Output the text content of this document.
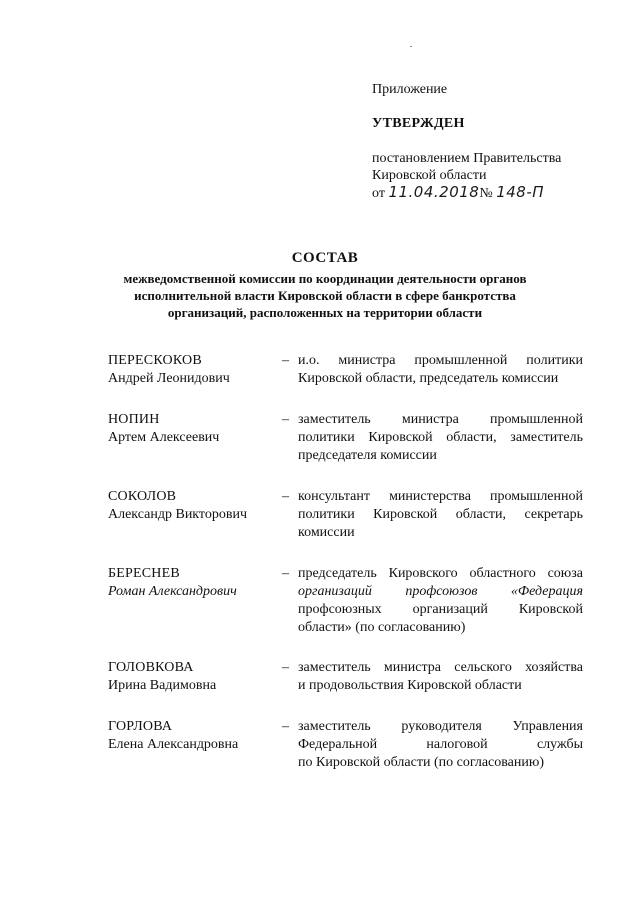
Приложение
УТВЕРЖДЕН
постановлением Правительства
Кировской области
от 11.04.2018№ 148-П
СОСТАВ
межведомственной комиссии по координации деятельности органов
исполнительной власти Кировской области в сфере банкротства
организаций, расположенных на территории области
ПЕРЕСКОКОВ
Андрей Леонидович
– и.о. министра промышленной политики
Кировской области, председатель комиссии
НОПИН
Артем Алексеевич
– заместитель министра промышленной
политики Кировской области, заместитель
председателя комиссии
СОКОЛОВ
Александр Викторович
– консультант министерства промышленной
политики Кировской области, секретарь
комиссии
БЕРЕСНЕВ
Роман Александрович
– председатель Кировского областного союза
организаций профсоюзов «Федерация
профсоюзных организаций Кировской
области» (по согласованию)
ГОЛОВКОВА
Ирина Вадимовна
– заместитель министра сельского хозяйства
и продовольствия Кировской области
ГОРЛОВА
Елена Александровна
– заместитель руководителя Управления
Федеральной налоговой службы
по Кировской области (по согласованию)
